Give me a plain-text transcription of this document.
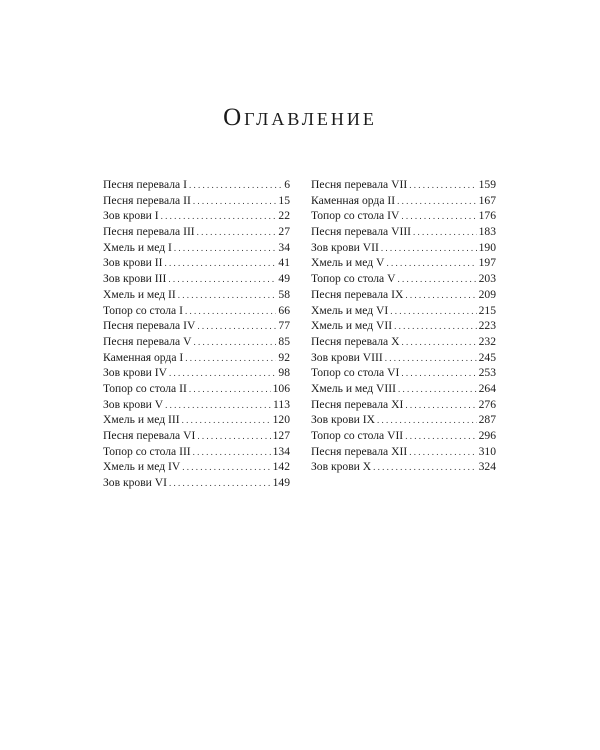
Оглавление
Песня перевала I . . .	6
Песня перевала II . . .	15
Зов крови I . . .	22
Песня перевала III . . .	27
Хмель и мед I . . .	34
Зов крови II . . .	41
Зов крови III . . .	49
Хмель и мед II . . .	58
Топор со стола I . . .	66
Песня перевала IV . . .	77
Песня перевала V . . .	85
Каменная орда I . . .	92
Зов крови IV . . .	98
Топор со стола II . . .	106
Зов крови V . . .	113
Хмель и мед III . . .	120
Песня перевала VI . . .	127
Топор со стола III . . .	134
Хмель и мед IV . . .	142
Зов крови VI . . .	149
Песня перевала VII . . .	159
Каменная орда II . . .	167
Топор со стола IV . . .	176
Песня перевала VIII . . .	183
Зов крови VII . . .	190
Хмель и мед V . . .	197
Топор со стола V . . .	203
Песня перевала IX . . .	209
Хмель и мед VI . . .	215
Хмель и мед VII . . .	223
Песня перевала X . . .	232
Зов крови VIII . . .	245
Топор со стола VI . . .	253
Хмель и мед VIII . . .	264
Песня перевала XI . . .	276
Зов крови IX . . .	287
Топор со стола VII . . .	296
Песня перевала XII . . .	310
Зов крови X . . .	324
